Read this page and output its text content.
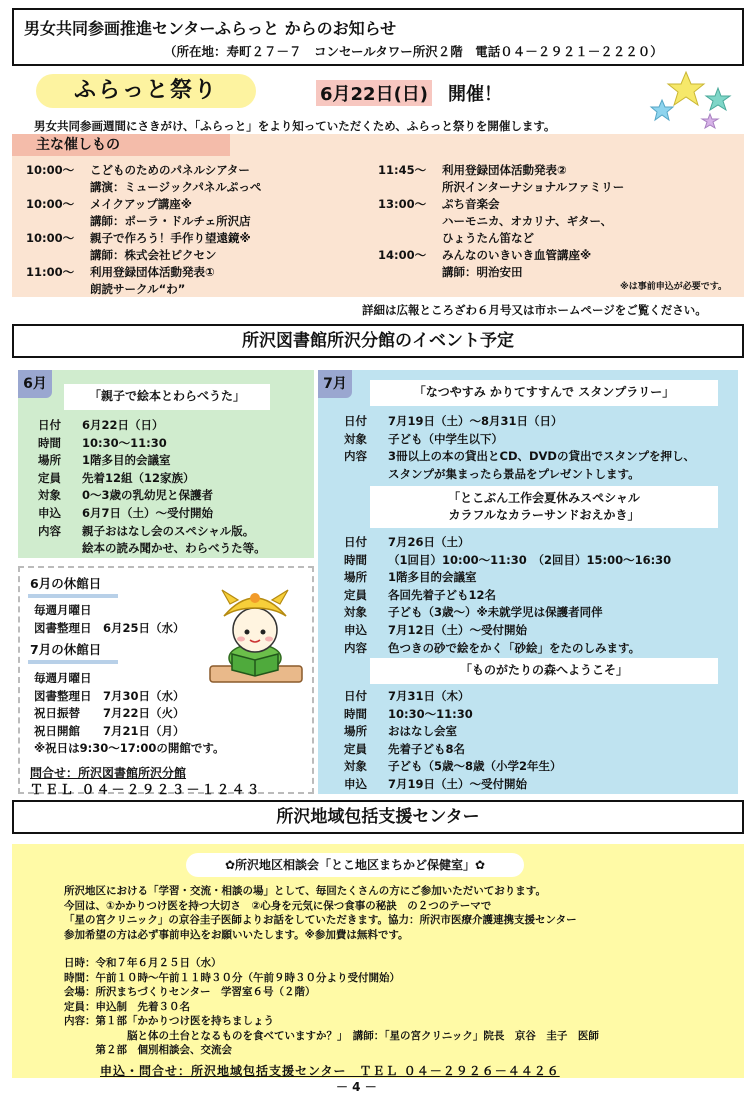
男女共同参画推進センターふらっと からのお知らせ
（所在地：寿町２７－７　コンセールタワー所沢２階　電話０４－２９２１－２２２０）
ふらっと祭り	6月22日(日) 開催！
男女共同参画週間にさきがけ、「ふらっと」をより知っていただくため、ふらっと祭りを開催します。
主な催しもの
10:00～ こどものためのパネルシアター
講演：ミュージックパネルぷっぺ
10:00～ メイクアップ講座※
講師：ポーラ・ドルチェ所沢店
10:00～ 親子で作ろう！手作り望遠鏡※
講師：株式会社ピクセン
11:00～ 利用登録団体活動発表①
朗読サークル“わ”
11:45～ 利用登録団体活動発表②
所沢インターナショナルファミリー
13:00～ ぷち音楽会
ハーモニカ、オカリナ、ギター、
ひょうたん笛など
14:00～ みんなのいきいき血管講座※
講師：明治安田
※は事前申込が必要です。
詳細は広報ところざわ６月号又は市ホームページをご覧ください。
所沢図書館所沢分館のイベント予定
6月
「親子で絵本とわらべうた」
日付 6月22日（日）
時間 10:30～11:30
場所 1階多目的会議室
定員 先着12組（12家族）
対象 0～3歳の乳幼児と保護者
申込 6月7日（土）～受付開始
内容 親子おはなし会のスペシャル版。
絵本の読み聞かせ、わらべうた等。
6月の休館日
毎週月曜日
図書整理日　6月25日（水）
7月の休館日
毎週月曜日
図書整理日　7月30日（水）
祝日振替　　7月22日（火）
祝日開館　　7月21日（月）
※祝日は9:30～17:00の開館です。
問合せ：所沢図書館所沢分館
ＴＥＬ ０４－２９２３－１２４３
7月	「なつやすみ かりてすすんで スタンプラリー」
日付 7月19日（土）～8月31日（日）
対象 子ども（中学生以下）
内容 3冊以上の本の貸出とCD、DVDの貸出でスタンプを押し、
スタンプが集まったら景品をプレゼントします。
「とこぶん工作会夏休みスペシャル
カラフルなカラーサンドおえかき」
日付 7月26日（土）
時間 （1回目）10:00～11:30　（2回目）15:00～16:30
場所 1階多目的会議室
定員 各回先着子ども12名
対象 子ども（3歳～）※未就学児は保護者同伴
申込 7月12日（土）～受付開始
内容 色つきの砂で絵をかく「砂絵」をたのしみます。
「ものがたりの森へようこそ」
日付 7月31日（木）
時間 10:30～11:30
場所 おはなし会室
定員 先着子ども8名
対象 子ども（5歳～8歳（小学2年生）
申込 7月19日（土）～受付開始
所沢地域包括支援センター
✿所沢地区相談会「とこ地区まちかど保健室」✿
所沢地区における「学習・交流・相談の場」として、毎回たくさんの方にご参加いただいております。
今回は、①かかりつけ医を持つ大切さ　②心身を元気に保つ食事の秘訣　の２つのテーマで
「星の宮クリニック」の京谷圭子医師よりお話をしていただきます。協力：所沢市医療介護連携支援センター
参加希望の方は必ず事前申込をお願いいたします。※参加費は無料です。
日時：令和７年６月２５日（水）
時間：午前１０時～午前１１時３０分（午前９時３０分より受付開始）
会場：所沢まちづくりセンター　学習室６号（２階）
定員：申込制　先着３０名
内容：第１部「かかりつけ医を持ちましょう
　　　　　　脳と体の土台となるものを食べていますか？」　講師：「星の宮クリニック」院長　京谷　圭子　医師
　　　第２部　個別相談会、交流会
申込・問合せ：所沢地域包括支援センター　ＴＥＬ ０４－２９２６－４４２６
－ 4 －
